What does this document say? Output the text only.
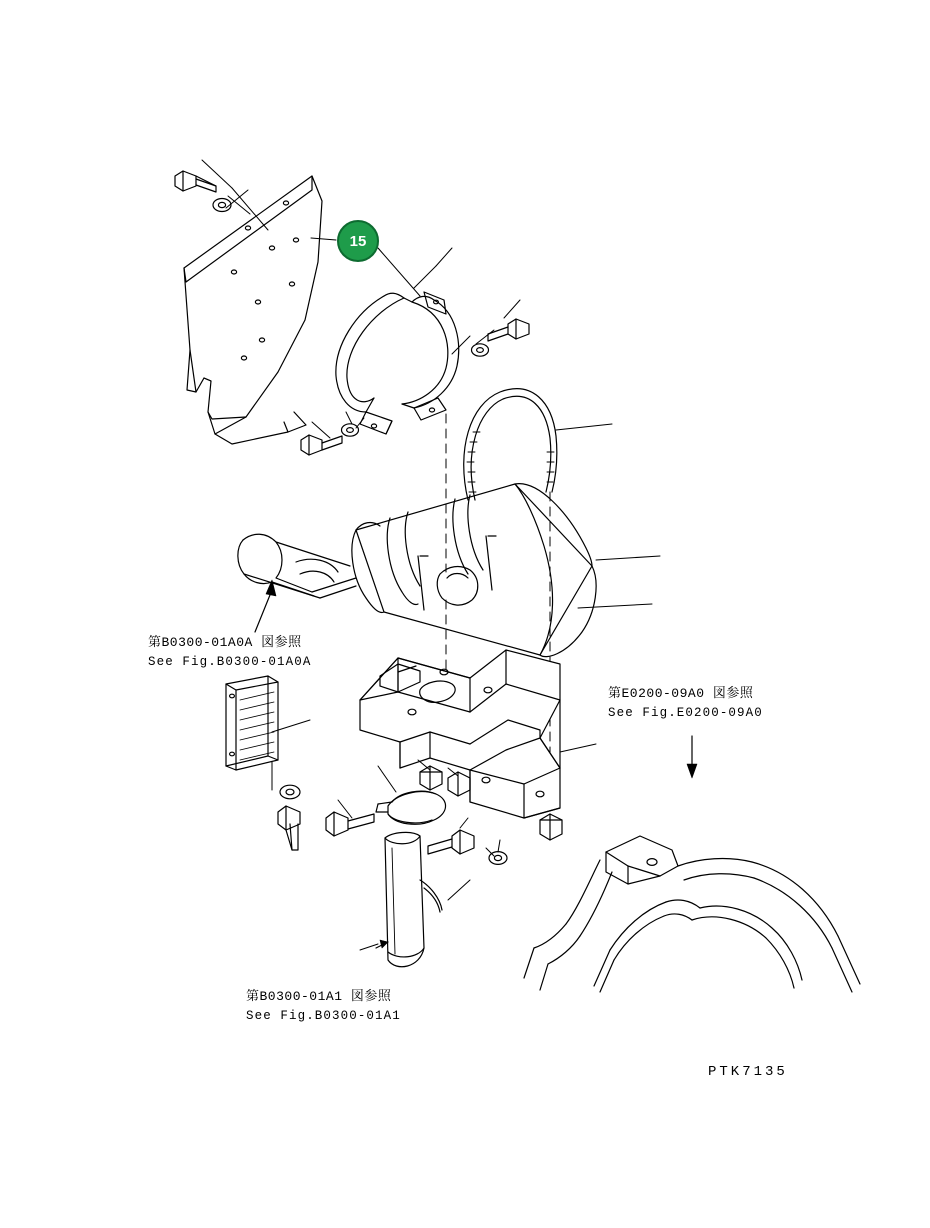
15
第B0300-01A0A 図参照
See Fig.B0300-01A0A
第E0200-09A0 図参照
See Fig.E0200-09A0
第B0300-01A1 図参照
See Fig.B0300-01A1
PTK7135
